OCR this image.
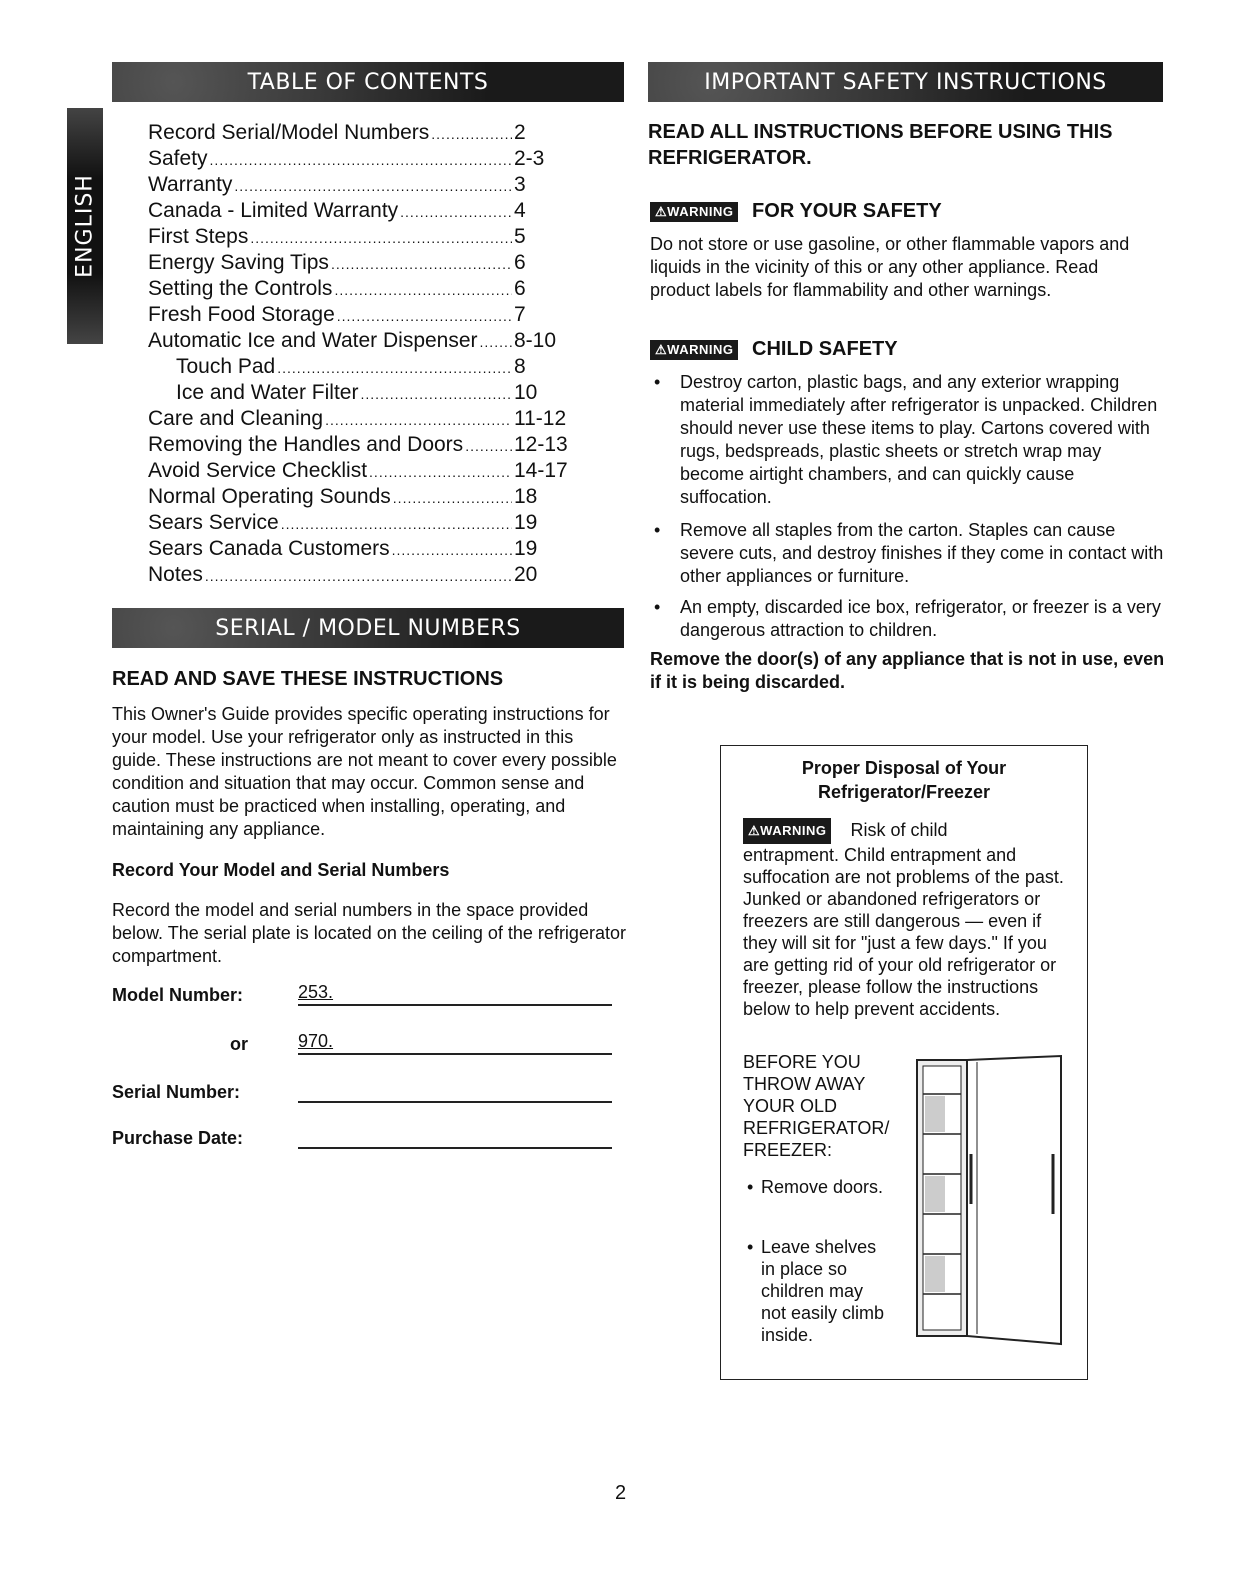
TABLE OF CONTENTS	IMPORTANT SAFETY INSTRUCTIONS
ENGLISH
Record Serial/Model Numbers .....	2
Safety .....	2-3
Warranty .....	3
Canada - Limited Warranty .....	4
First Steps .....	5
Energy Saving Tips .....	6
Setting the Controls .....	6
Fresh Food Storage .....	7
Automatic Ice and Water Dispenser ..... 8-10
Touch Pad .....	8
Ice and Water Filter .....	10
Care and Cleaning .....	11-12
Removing the Handles and Doors ..... 12-13
Avoid Service Checklist .....	14-17
Normal Operating Sounds .....	18
Sears Service .....	19
Sears Canada Customers .....	19
Notes .....	20
SERIAL / MODEL NUMBERS
READ AND SAVE THESE INSTRUCTIONS
This Owner's Guide provides specific operating instructions for your model. Use your refrigerator only as instructed in this guide. These instructions are not meant to cover every possible condition and situation that may occur. Common sense and caution must be practiced when installing, operating, and maintaining any appliance.
Record Your Model and Serial Numbers
Record the model and serial numbers in the space provided below. The serial plate is located on the ceiling of the refrigerator compartment.
Model Number:	253.
or	970.
Serial Number:
Purchase Date:
READ ALL INSTRUCTIONS BEFORE USING THIS REFRIGERATOR.
⚠WARNING FOR YOUR SAFETY
Do not store or use gasoline, or other flammable vapors and liquids in the vicinity of this or any other appliance. Read product labels for flammability and other warnings.
⚠WARNING CHILD SAFETY
• Destroy carton, plastic bags, and any exterior wrapping material immediately after refrigerator is unpacked. Children should never use these items to play. Cartons covered with rugs, bedspreads, plastic sheets or stretch wrap may become airtight chambers, and can quickly cause suffocation.
• Remove all staples from the carton. Staples can cause severe cuts, and destroy finishes if they come in contact with other appliances or furniture.
• An empty, discarded ice box, refrigerator, or freezer is a very dangerous attraction to children.
Remove the door(s) of any appliance that is not in use, even if it is being discarded.
Proper Disposal of Your
Refrigerator/Freezer
⚠WARNING Risk of child
entrapment. Child entrapment and suffocation are not problems of the past. Junked or abandoned refrigerators or freezers are still dangerous — even if they will sit for "just a few days." If you are getting rid of your old refrigerator or freezer, please follow the instructions below to help prevent accidents.
BEFORE YOU THROW AWAY YOUR OLD REFRIGERATOR/ FREEZER:
• Remove doors.
• Leave shelves in place so children may not easily climb inside.
2
